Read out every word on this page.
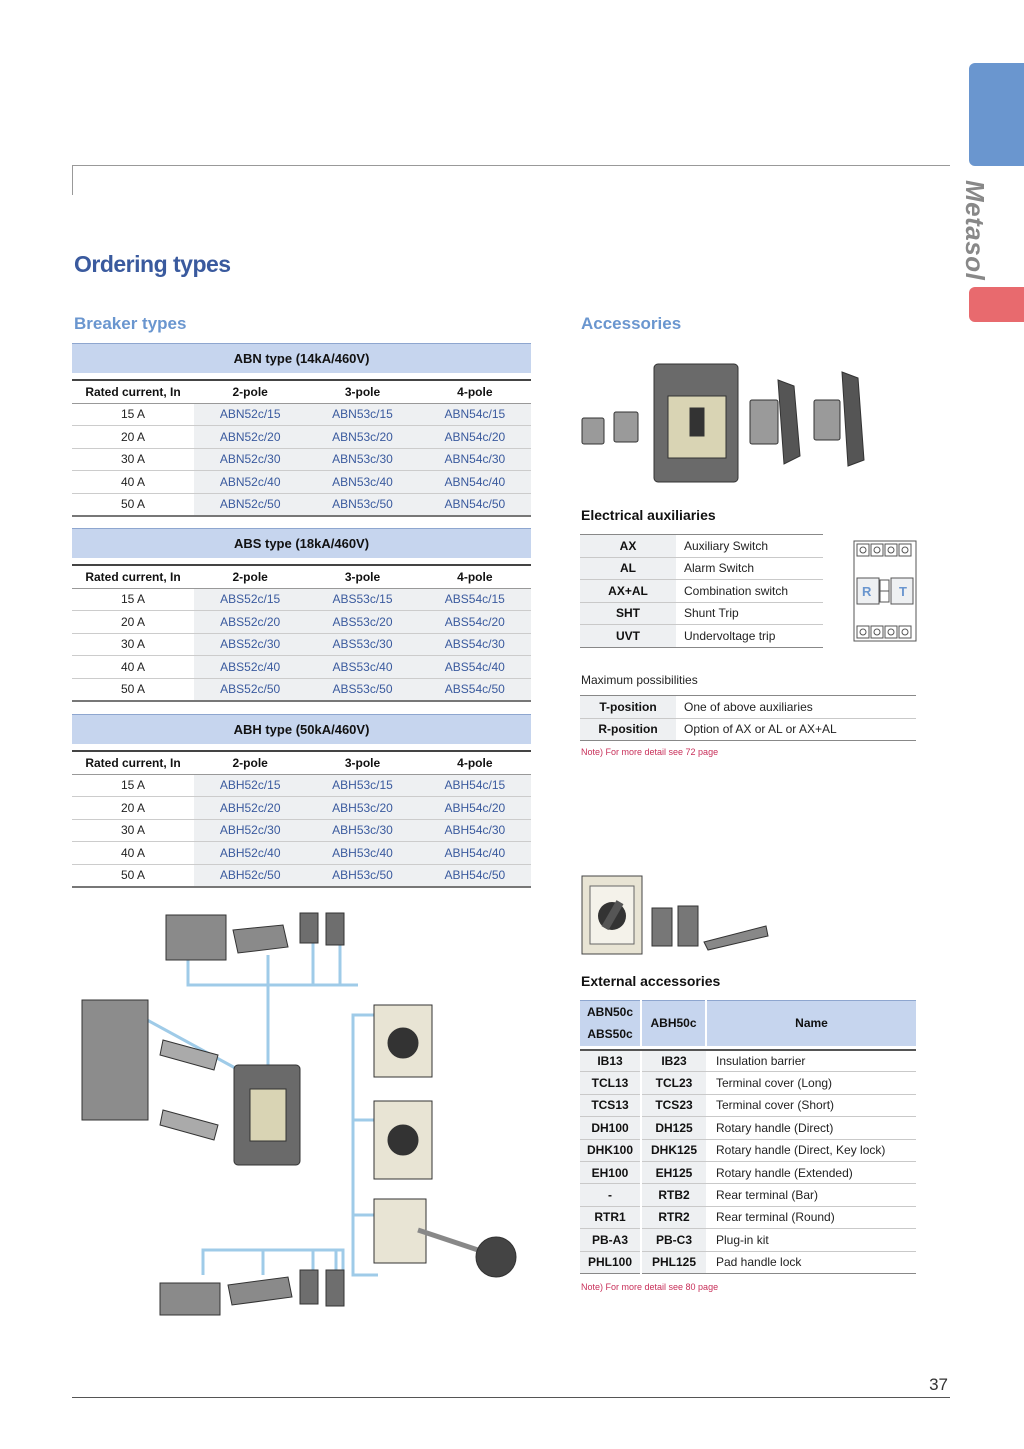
Metasol
37
Ordering types
Breaker types
ABN type (14kA/460V)
Rated current, In	2-pole	3-pole	4-pole
15 A	ABN52c/15	ABN53c/15	ABN54c/15
20 A	ABN52c/20	ABN53c/20	ABN54c/20
30 A	ABN52c/30	ABN53c/30	ABN54c/30
40 A	ABN52c/40	ABN53c/40	ABN54c/40
50 A	ABN52c/50	ABN53c/50	ABN54c/50
ABS type (18kA/460V)
Rated current, In	2-pole	3-pole	4-pole
15 A	ABS52c/15	ABS53c/15	ABS54c/15
20 A	ABS52c/20	ABS53c/20	ABS54c/20
30 A	ABS52c/30	ABS53c/30	ABS54c/30
40 A	ABS52c/40	ABS53c/40	ABS54c/40
50 A	ABS52c/50	ABS53c/50	ABS54c/50
ABH type (50kA/460V)
Rated current, In	2-pole	3-pole	4-pole
15 A	ABH52c/15	ABH53c/15	ABH54c/15
20 A	ABH52c/20	ABH53c/20	ABH54c/20
30 A	ABH52c/30	ABH53c/30	ABH54c/30
40 A	ABH52c/40	ABH53c/40	ABH54c/40
50 A	ABH52c/50	ABH53c/50	ABH54c/50
Accessories
Electrical auxiliaries
AX	Auxiliary Switch
AL	Alarm Switch
AX+AL	Combination switch
SHT	Shunt Trip
UVT	Undervoltage trip
R T
Maximum possibilities
T-position	One of above auxiliaries
R-position	Option of AX or AL or AX+AL
Note) For more detail see 72 page
External accessories
ABN50c
ABS50c	ABH50c	Name

IB13	IB23	Insulation barrier
TCL13	TCL23	Terminal cover (Long)
TCS13	TCS23	Terminal cover (Short)
DH100	DH125	Rotary handle (Direct)
DHK100	DHK125	Rotary handle (Direct, Key lock)
EH100	EH125	Rotary handle (Extended)
-	RTB2	Rear terminal (Bar)
RTR1	RTR2	Rear terminal (Round)
PB-A3	PB-C3	Plug-in kit
PHL100	PHL125	Pad handle lock
Note) For more detail see 80 page
